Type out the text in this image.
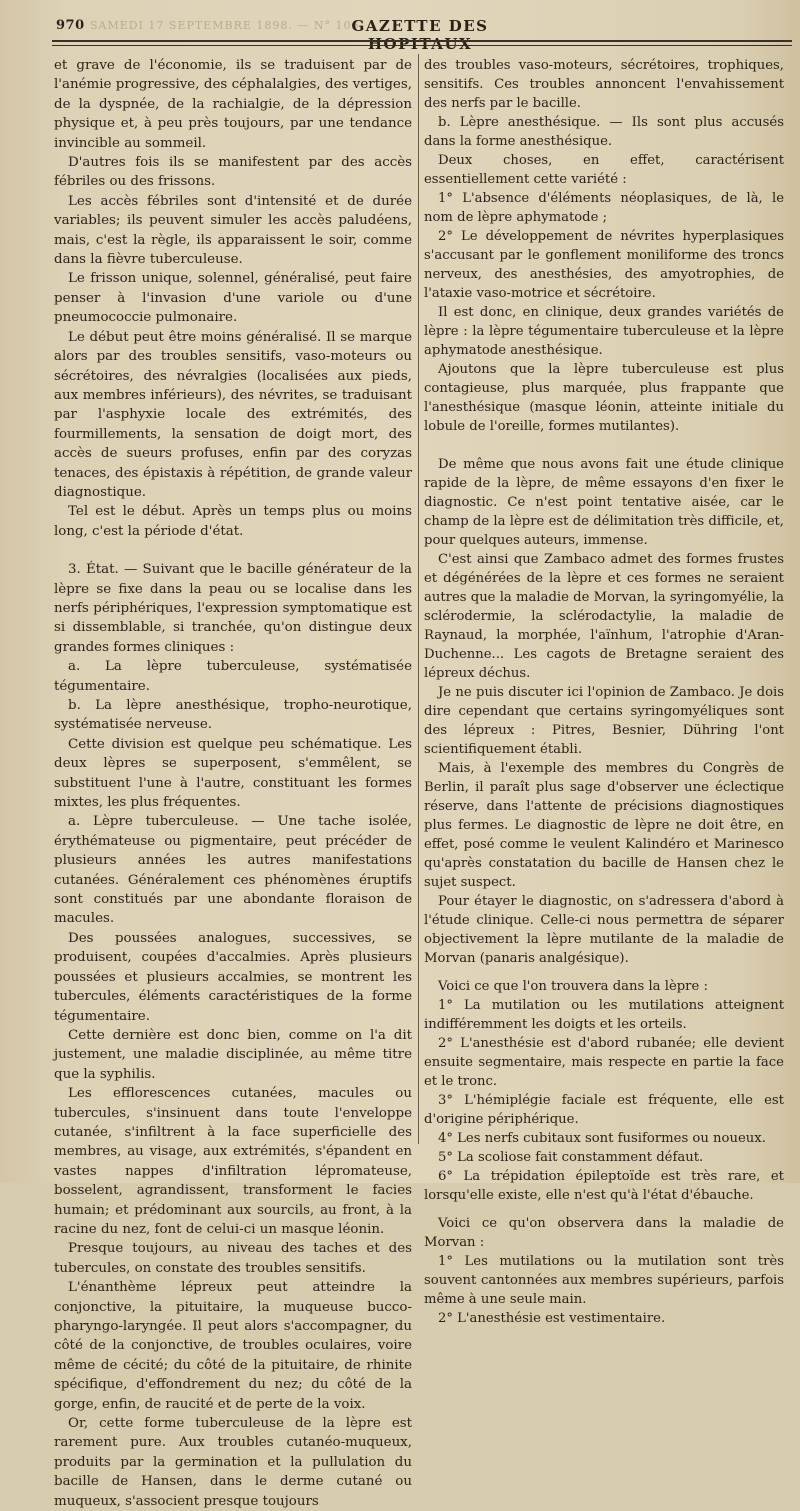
970 SAMEDI 17 SEPTEMBRE 1898. — N° 106
GAZETTE DES HOPITAUX

et grave de l'économie, ils se traduisent par de l'anémie progressive, des céphalalgies, des vertiges, de la dyspnée, de la rachialgie, de la dépression physique et, à peu près toujours, par une tendance invincible au sommeil.

D'autres fois ils se manifestent par des accès fébriles ou des frissons.

Les accès fébriles sont d'intensité et de durée variables; ils peuvent simuler les accès paludéens, mais, c'est la règle, ils apparaissent le soir, comme dans la fièvre tuberculeuse.

Le frisson unique, solennel, généralisé, peut faire penser à l'invasion d'une variole ou d'une pneumococcie pulmonaire.

Le début peut être moins généralisé. Il se marque alors par des troubles sensitifs, vaso-moteurs ou sécrétoires, des névralgies (localisées aux pieds, aux membres inférieurs), des névrites, se traduisant par l'asphyxie locale des extrémités, des fourmillements, la sensation de doigt mort, des accès de sueurs profuses, enfin par des coryzas tenaces, des épistaxis à répétition, de grande valeur diagnostique.

Tel est le début. Après un temps plus ou moins long, c'est la période d'état.

3. État. — Suivant que le bacille générateur de la lèpre se fixe dans la peau ou se localise dans les nerfs périphériques, l'expression symptomatique est si dissemblable, si tranchée, qu'on distingue deux grandes formes cliniques :

a. La lèpre tuberculeuse, systématisée tégumentaire.

b. La lèpre anesthésique, tropho-neurotique, systématisée nerveuse.

Cette division est quelque peu schématique. Les deux lèpres se superposent, s'emmêlent, se substituent l'une à l'autre, constituant les formes mixtes, les plus fréquentes.

a. Lèpre tuberculeuse. — Une tache isolée, érythémateuse ou pigmentaire, peut précéder de plusieurs années les autres manifestations cutanées. Généralement ces phénomènes éruptifs sont constitués par une abondante floraison de macules.

Des poussées analogues, successives, se produisent, coupées d'accalmies. Après plusieurs poussées et plusieurs accalmies, se montrent les tubercules, éléments caractéristiques de la forme tégumentaire.

Cette dernière est donc bien, comme on l'a dit justement, une maladie disciplinée, au même titre que la syphilis.

Les efflorescences cutanées, macules ou tubercules, s'insinuent dans toute l'enveloppe cutanée, s'infiltrent à la face superficielle des membres, au visage, aux extrémités, s'épandent en vastes nappes d'infiltration lépromateuse, bosselent, agrandissent, transforment le facies humain; et prédominant aux sourcils, au front, à la racine du nez, font de celui-ci un masque léonin.

Presque toujours, au niveau des taches et des tubercules, on constate des troubles sensitifs.

L'énanthème lépreux peut atteindre la conjonctive, la pituitaire, la muqueuse bucco-pharyngo-laryngée. Il peut alors s'accompagner, du côté de la conjonctive, de troubles oculaires, voire même de cécité; du côté de la pituitaire, de rhinite spécifique, d'effondrement du nez; du côté de la gorge, enfin, de raucité et de perte de la voix.

Or, cette forme tuberculeuse de la lèpre est rarement pure. Aux troubles cutanéo-muqueux, produits par la germination et la pullulation du bacille de Hansen, dans le derme cutané ou muqueux, s'associent presque toujours

des troubles vaso-moteurs, sécrétoires, trophiques, sensitifs. Ces troubles annoncent l'envahissement des nerfs par le bacille.

b. Lèpre anesthésique. — Ils sont plus accusés dans la forme anesthésique.

Deux choses, en effet, caractérisent essentiellement cette variété :

1° L'absence d'éléments néoplasiques, de là, le nom de lèpre aphymatode ;

2° Le développement de névrites hyperplasiques s'accusant par le gonflement moniliforme des troncs nerveux, des anesthésies, des amyotrophies, de l'ataxie vaso-motrice et sécrétoire.

Il est donc, en clinique, deux grandes variétés de lèpre : la lèpre tégumentaire tuberculeuse et la lèpre aphymatode anesthésique.

Ajoutons que la lèpre tuberculeuse est plus contagieuse, plus marquée, plus frappante que l'anesthésique (masque léonin, atteinte initiale du lobule de l'oreille, formes mutilantes).

De même que nous avons fait une étude clinique rapide de la lèpre, de même essayons d'en fixer le diagnostic. Ce n'est point tentative aisée, car le champ de la lèpre est de délimitation très difficile, et, pour quelques auteurs, immense.

C'est ainsi que Zambaco admet des formes frustes et dégénérées de la lèpre et ces formes ne seraient autres que la maladie de Morvan, la syringomyélie, la sclérodermie, la sclérodactylie, la maladie de Raynaud, la morphée, l'aïnhum, l'atrophie d'Aran-Duchenne... Les cagots de Bretagne seraient des lépreux déchus.

Je ne puis discuter ici l'opinion de Zambaco. Je dois dire cependant que certains syringomyéliques sont des lépreux : Pitres, Besnier, Dühring l'ont scientifiquement établi.

Mais, à l'exemple des membres du Congrès de Berlin, il paraît plus sage d'observer une éclectique réserve, dans l'attente de précisions diagnostiques plus fermes. Le diagnostic de lèpre ne doit être, en effet, posé comme le veulent Kalindéro et Marinesco qu'après constatation du bacille de Hansen chez le sujet suspect.

Pour étayer le diagnostic, on s'adressera d'abord à l'étude clinique. Celle-ci nous permettra de séparer objectivement la lèpre mutilante de la maladie de Morvan (panaris analgésique).

Voici ce que l'on trouvera dans la lèpre :

1° La mutilation ou les mutilations atteignent indifféremment les doigts et les orteils.

2° L'anesthésie est d'abord rubanée; elle devient ensuite segmentaire, mais respecte en partie la face et le tronc.

3° L'hémiplégie faciale est fréquente, elle est d'origine périphérique.

4° Les nerfs cubitaux sont fusiformes ou noueux.

5° La scoliose fait constamment défaut.

6° La trépidation épileptoïde est très rare, et lorsqu'elle existe, elle n'est qu'à l'état d'ébauche.

Voici ce qu'on observera dans la maladie de Morvan :

1° Les mutilations ou la mutilation sont très souvent cantonnées aux membres supérieurs, parfois même à une seule main.

2° L'anesthésie est vestimentaire.
